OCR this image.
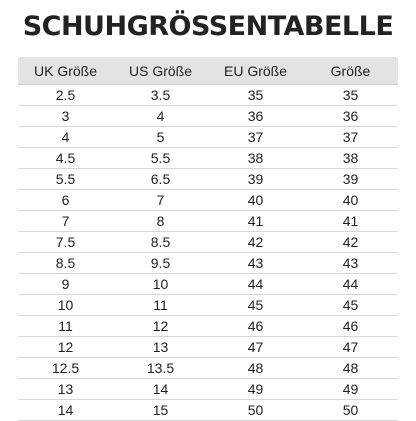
SCHUHGRÖSSENTABELLE
UK Größe	US Größe	EU Größe	Größe
2.5	3.5	35	35
3	4	36	36
4	5	37	37
4.5	5.5	38	38
5.5	6.5	39	39
6	7	40	40
7	8	41	41
7.5	8.5	42	42
8.5	9.5	43	43
9	10	44	44
10	11	45	45
11	12	46	46
12	13	47	47
12.5	13.5	48	48
13	14	49	49
14	15	50	50
